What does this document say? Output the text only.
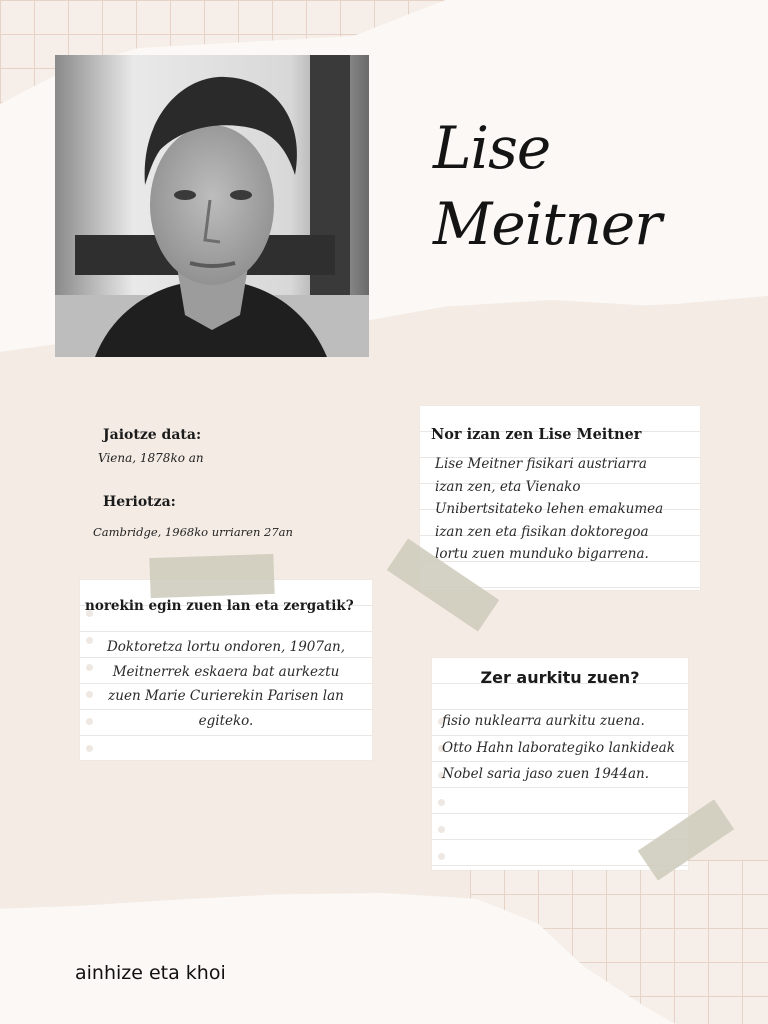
Lise
Meitner
Jaiotze data:
Viena, 1878ko an
Heriotza:
Cambridge, 1968ko urriaren 27an
Nor izan zen Lise Meitner
Lise Meitner fisikari austriarra
izan zen, eta Vienako
Unibertsitateko lehen emakumea
izan zen eta fisikan doktoregoa
lortu zuen munduko bigarrena.
norekin egin zuen lan eta zergatik?
Doktoretza lortu ondoren, 1907an,
Meitnerrek eskaera bat aurkeztu
zuen Marie Curierekin Parisen lan
egiteko.
Zer aurkitu zuen?
fisio nuklearra aurkitu zuena.
Otto Hahn laborategiko lankideak
Nobel saria jaso zuen 1944an.
ainhize eta khoi
